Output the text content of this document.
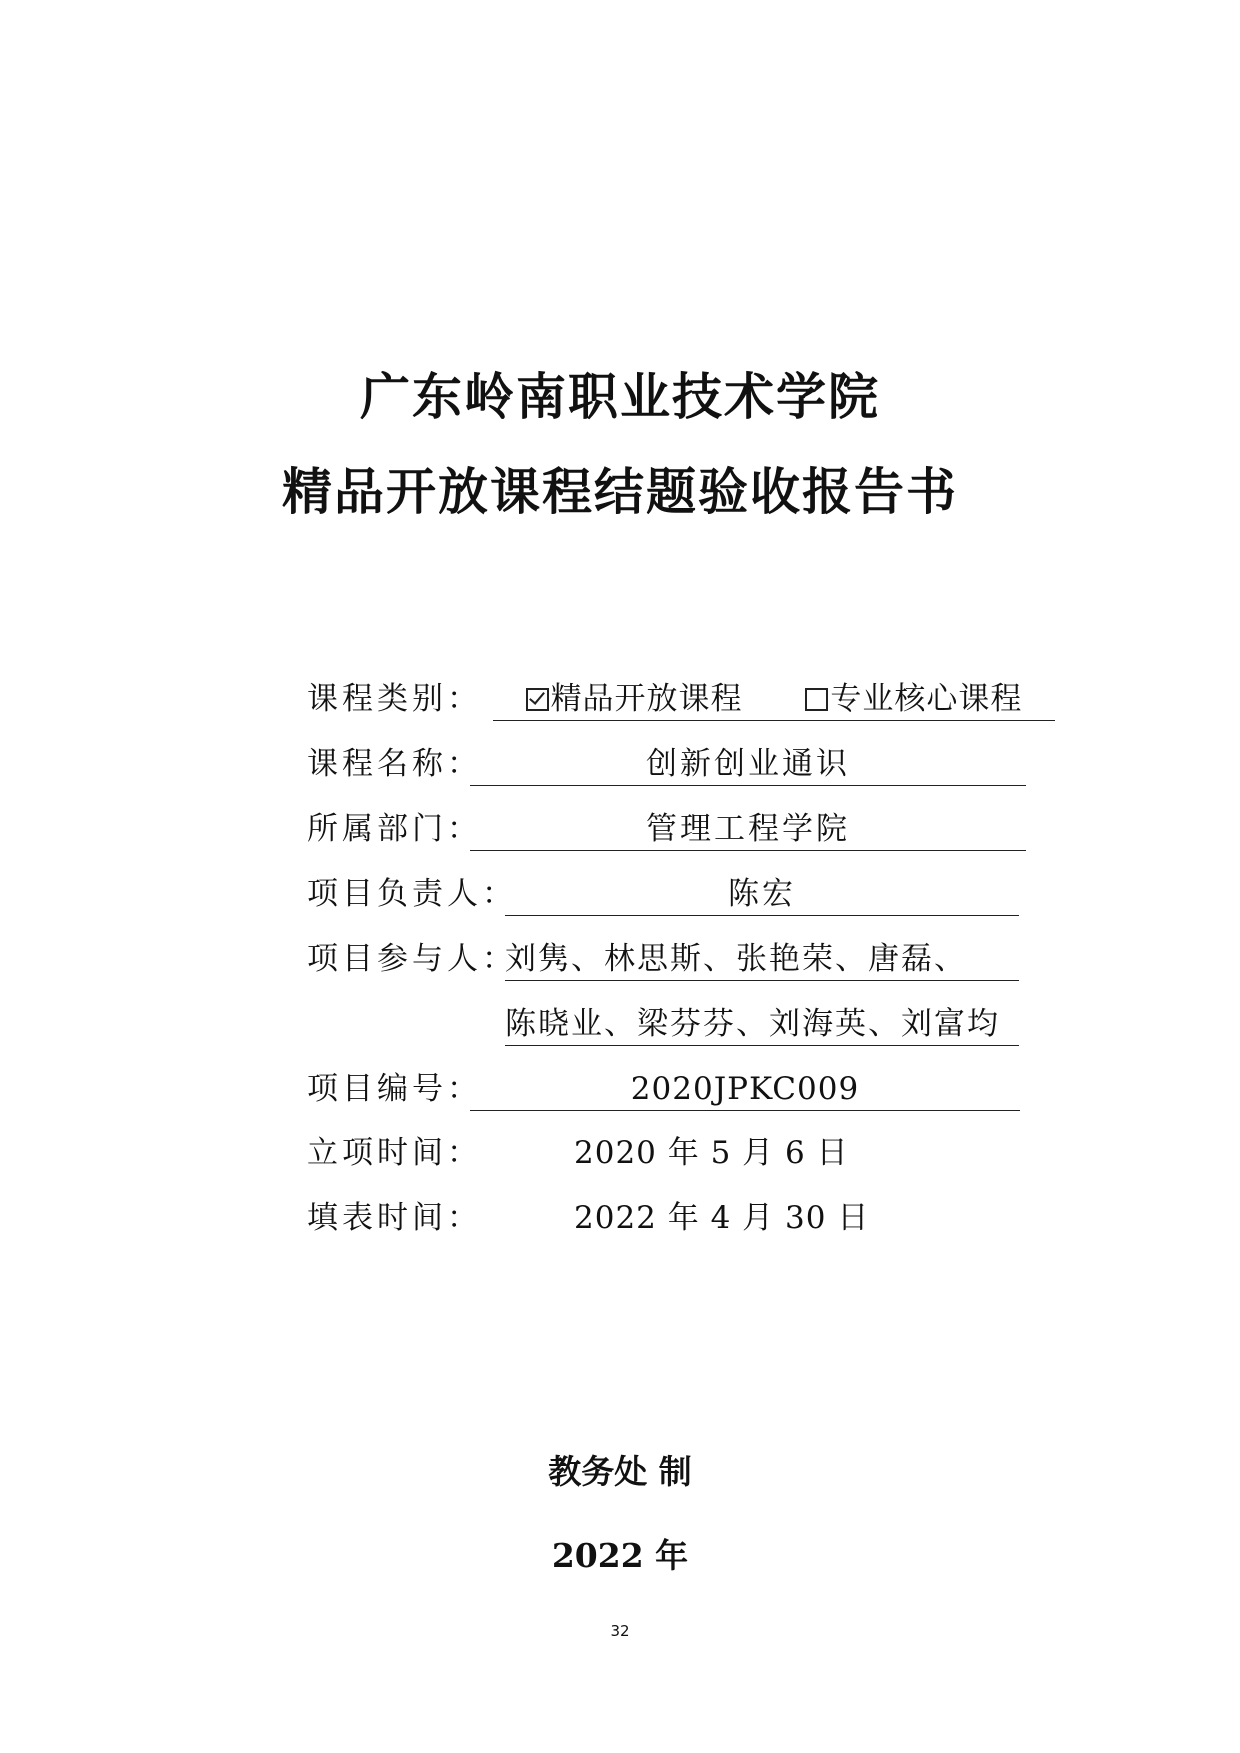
广东岭南职业技术学院
精品开放课程结题验收报告书
课程类别：	精品开放课程	专业核心课程
课程名称：	创新创业通识
所属部门：	管理工程学院
项目负责人：	陈宏
项目参与人：
刘隽、林思斯、张艳荣、唐磊、
陈晓业、梁芬芬、刘海英、刘富均
项目编号：	2020JPKC009
立项时间：	2020 年 5 月 6 日
填表时间：	2022 年 4 月 30 日
教务处 制
2022 年
32
